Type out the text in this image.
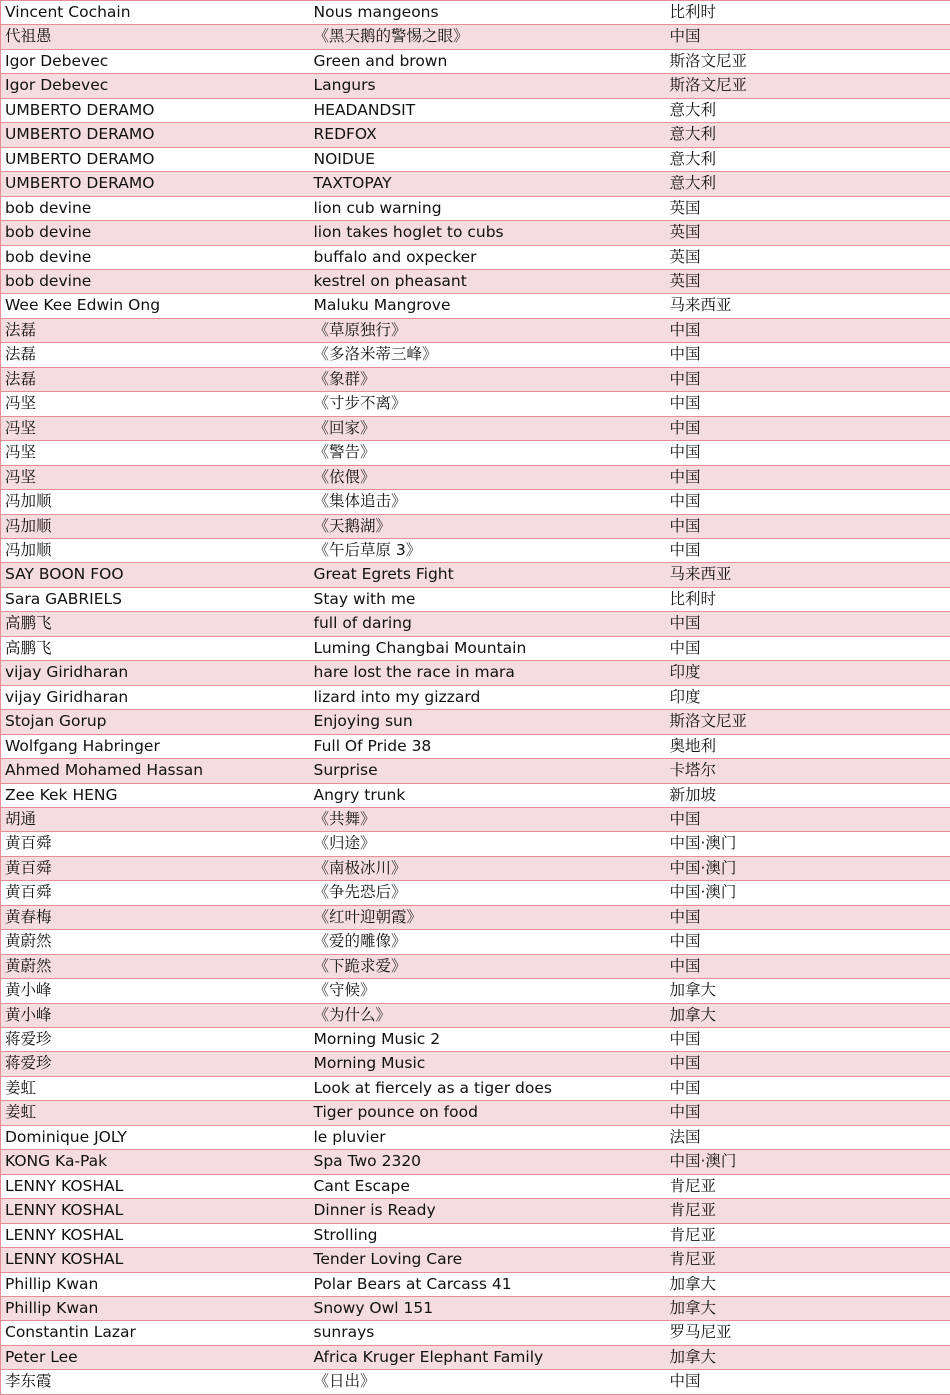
Vincent Cochain	Nous mangeons	比利时
代祖愚	《黑天鹅的警惕之眼》	中国
Igor Debevec	Green and brown	斯洛文尼亚
Igor Debevec	Langurs	斯洛文尼亚
UMBERTO DERAMO	HEADANDSIT	意大利
UMBERTO DERAMO	REDFOX	意大利
UMBERTO DERAMO	NOIDUE	意大利
UMBERTO DERAMO	TAXTOPAY	意大利
bob devine	lion cub warning	英国
bob devine	lion takes hoglet to cubs	英国
bob devine	buffalo and oxpecker	英国
bob devine	kestrel on pheasant	英国
Wee Kee Edwin Ong	Maluku Mangrove	马来西亚
法磊	《草原独行》	中国
法磊	《多洛米蒂三峰》	中国
法磊	《象群》	中国
冯坚	《寸步不离》	中国
冯坚	《回家》	中国
冯坚	《警告》	中国
冯坚	《依偎》	中国
冯加顺	《集体追击》	中国
冯加顺	《天鹅湖》	中国
冯加顺	《午后草原 3》	中国
SAY BOON FOO	Great Egrets Fight	马来西亚
Sara GABRIELS	Stay with me	比利时
高鹏飞	full of daring	中国
高鹏飞	Luming Changbai Mountain	中国
vijay Giridharan	hare lost the race in mara	印度
vijay Giridharan	lizard into my gizzard	印度
Stojan Gorup	Enjoying sun	斯洛文尼亚
Wolfgang Habringer	Full Of Pride 38	奥地利
Ahmed Mohamed Hassan	Surprise	卡塔尔
Zee Kek HENG	Angry trunk	新加坡
胡通	《共舞》	中国
黄百舜	《归途》	中国·澳门
黄百舜	《南极冰川》	中国·澳门
黄百舜	《争先恐后》	中国·澳门
黄春梅	《红叶迎朝霞》	中国
黄蔚然	《爱的雕像》	中国
黄蔚然	《下跪求爱》	中国
黄小峰	《守候》	加拿大
黄小峰	《为什么》	加拿大
蒋爱珍	Morning Music 2	中国
蒋爱珍	Morning Music	中国
姜虹	Look at fiercely as a tiger does	中国
姜虹	Tiger pounce on food	中国
Dominique JOLY	le pluvier	法国
KONG Ka-Pak	Spa Two 2320	中国·澳门
LENNY KOSHAL	Cant Escape	肯尼亚
LENNY KOSHAL	Dinner is Ready	肯尼亚
LENNY KOSHAL	Strolling	肯尼亚
LENNY KOSHAL	Tender Loving Care	肯尼亚
Phillip Kwan	Polar Bears at Carcass 41	加拿大
Phillip Kwan	Snowy Owl 151	加拿大
Constantin Lazar	sunrays	罗马尼亚
Peter Lee	Africa Kruger Elephant Family	加拿大
李东霞	《日出》	中国
